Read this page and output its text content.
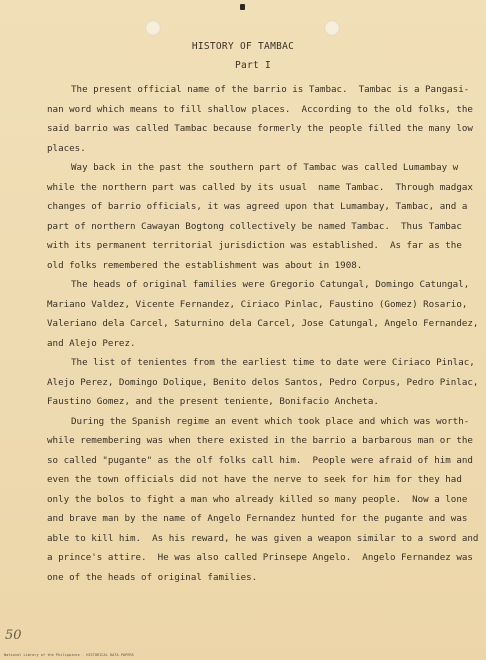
HISTORY OF TAMBAC
Part I
The present official name of the barrio is Tambac.  Tambac is a Pangasi-
nan word which means to fill shallow places.  According to the old folks, the
said barrio was called Tambac because formerly the people filled the many low
places.
Way back in the past the southern part of Tambac was called Lumambay w
while the northern part was called by its usual  name Tambac.  Through madgax
changes of barrio officials, it was agreed upon that Lumambay, Tambac, and a
part of northern Cawayan Bogtong collectively be named Tambac.  Thus Tambac
with its permanent territorial jurisdiction was established.  As far as the
old folks remembered the establishment was about in 1908.
The heads of original families were Gregorio Catungal, Domingo Catungal,
Mariano Valdez, Vicente Fernandez, Ciriaco Pinlac, Faustino (Gomez) Rosario,
Valeriano dela Carcel, Saturnino dela Carcel, Jose Catungal, Angelo Fernandez,
and Alejo Perez.
The list of tenientes from the earliest time to date were Ciriaco Pinlac,
Alejo Perez, Domingo Dolique, Benito delos Santos, Pedro Corpus, Pedro Pinlac,
Faustino Gomez, and the present teniente, Bonifacio Ancheta.
During the Spanish regime an event which took place and which was worth-
while remembering was when there existed in the barrio a barbarous man or the
so called "pugante" as the olf folks call him.  People were afraid of him and
even the town officials did not have the nerve to seek for him for they had
only the bolos to fight a man who already killed so many people.  Now a lone
and brave man by the name of Angelo Fernandez hunted for the pugante and was
able to kill him.  As his reward, he was given a weapon similar to a sword and
a prince's attire.  He was also called Prinsepe Angelo.  Angelo Fernandez was
one of the heads of original families.
50
National Library of the Philippines - HISTORICAL DATA PAPERS
